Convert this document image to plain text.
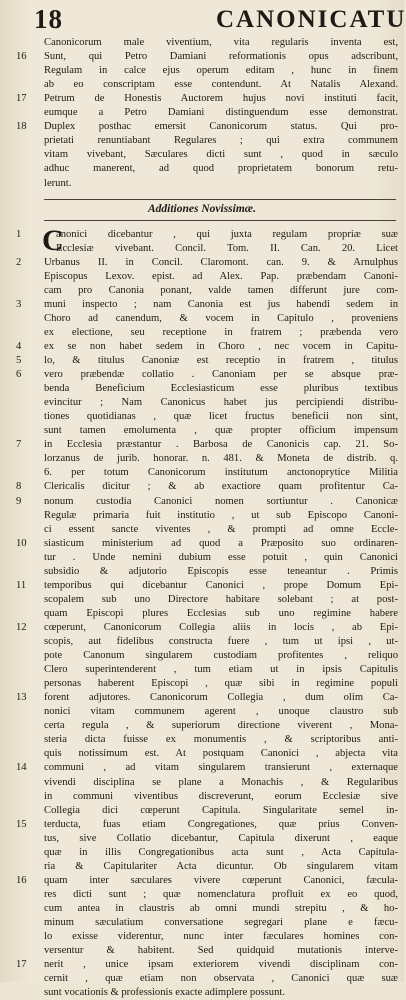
18	CANONICATU
Canonicorum male viventium, vita regularis inventa est,
16	Sunt, qui Petro Damiani reformationis opus adscribunt,
Regulam in calce ejus operum editam , hunc in finem
ab eo conscriptam esse contendunt. At Natalis Alexand.
17	Petrum de Honestis Auctorem hujus novi instituti facit,
eumque a Petro Damiani distinguendum esse demonstrat.
18	Duplex posthac emersit Canonicorum status. Qui pro-
prietati renuntiabant Regulares ; qui extra communem
vitam vivebant, Sæculares dicti sunt , quod in sæculo
adhuc manerent, ad quod proprietatem bonorum retu-
lerunt.
Additiones Novissimæ.
C
1	anonici dicebantur , qui juxta regulam propriæ suæ
Ecclesiæ vivebant. Concil. Tom. II. Can. 20. Licet
2	Urbanus II. in Concil. Claromont. can. 9. & Arnulphus
Episcopus Lexov. epist. ad Alex. Pap. præbendam Canoni-
cam pro Canonia ponant, valde tamen differunt jure com-
3	muni inspecto ; nam Canonia est jus habendi sedem in
Choro ad canendum, & vocem in Capitulo , proveniens
ex electione, seu receptione in fratrem ; præbenda vero
4	ex se non habet sedem in Choro , nec vocem in Capitu-
5	lo, & titulus Canoniæ est receptio in fratrem , titulus
6	vero præbendæ collatio . Canoniam per se absque præ-
benda Beneficium Ecclesiasticum esse pluribus textibus
evincitur ; Nam Canonicus habet jus percipiendi distribu-
tiones quotidianas , quæ licet fructus beneficii non sint,
sunt tamen emolumenta , quæ propter officium impensum
7	in Ecclesia præstantur . Barbosa de Canonicis cap. 21. So-
lorzanus de jurib. honorar. n. 481. & Moneta de distrib. q.
6. per totum Canonicorum institutum anctonoprytice Militia
8	Clericalis dicitur ; & ab exactiore quam profitentur Ca-
9	nonum custodia Canonici nomen sortiuntur . Canonicæ
Regulæ primaria fuit institutio , ut sub Episcopo Canoni-
ci essent sancte viventes , & prompti ad omne Eccle-
10	siasticum ministerium ad quod a Præposito suo ordinaren-
tur . Unde nemini dubium esse potuit , quin Canonici
subsidio & adjutorio Episcopis esse teneantur . Primis
11	temporibus qui dicebantur Canonici , prope Domum Epi-
scopalem sub uno Directore habitare solebant ; at post-
quam Episcopi plures Ecclesias sub uno regimine habere
12	cœperunt, Canonicorum Collegia aliis in locis , ab Epi-
scopis, aut fidelibus constructa fuere , tum ut ipsi , ut-
pote Canonum singularem custodiam profitentes , reliquo
Clero superintenderent , tum etiam ut in ipsis Capitulis
personas haberent Episcopi , quæ sibi in regimine populi
13	forent adjutores. Canonicorum Collegia , dum olim Ca-
nonici vitam communem agerent , unoque claustro sub
certa regula , & superiorum directione viverent , Mona-
steria dicta fuisse ex monumentis , & scriptoribus anti-
quis notissimum est. At postquam Canonici , abjecta vita
14	communi , ad vitam singularem transierunt , externaque
vivendi disciplina se plane a Monachis , & Regularibus
in communi viventibus discreverunt, eorum Ecclesiæ sive
Collegia dici cœperunt Capitula. Singularitate semel in-
15	terducta, fuas etiam Congregationes, quæ prius Conven-
tus, sive Collatio dicebantur, Capitula dixerunt , eaque
quæ in illis Congregationibus acta sunt , Acta Capitula-
ria & Capitulariter Acta dicuntur. Ob singularem vitam
16	quam inter sæculares vivere cœperunt Canonici, fæcula-
res dicti sunt ; quæ nomenclatura profluit ex eo quod,
cum antea in claustris ab omni mundi strepitu , & ho-
minum sæculatium conversatione segregari plane e fæcu-
lo exisse viderentur, nunc inter fæculares homines con-
versentur & habitent. Sed quidquid mutationis interve-
17	nerit , unice ipsam exteriorem vivendi disciplinam con-
cernit , quæ etiam non observata , Canonici quæ suæ
sunt vocationis & professionis exacte adimplere possunt.
